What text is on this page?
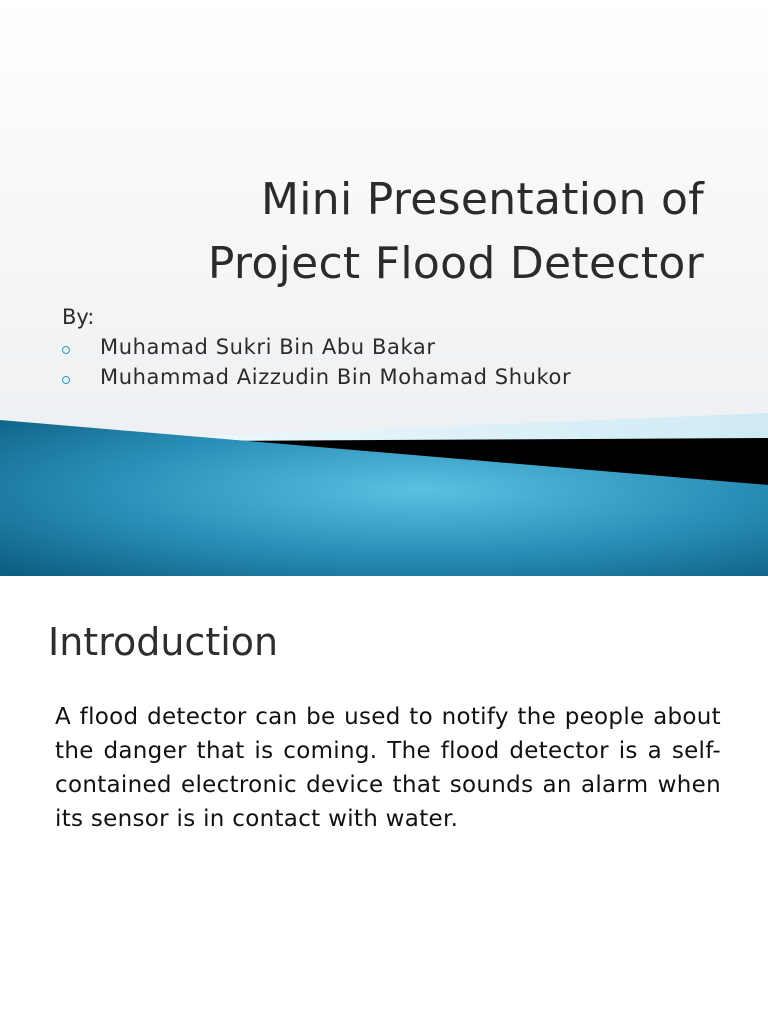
Mini Presentation of
Project Flood Detector
By:
Muhamad Sukri Bin Abu Bakar
Muhammad Aizzudin Bin Mohamad Shukor
Introduction

A flood detector can be used to notify the people about the danger that is coming. The flood detector is a self-contained electronic device that sounds an alarm when its sensor is in contact with water.
